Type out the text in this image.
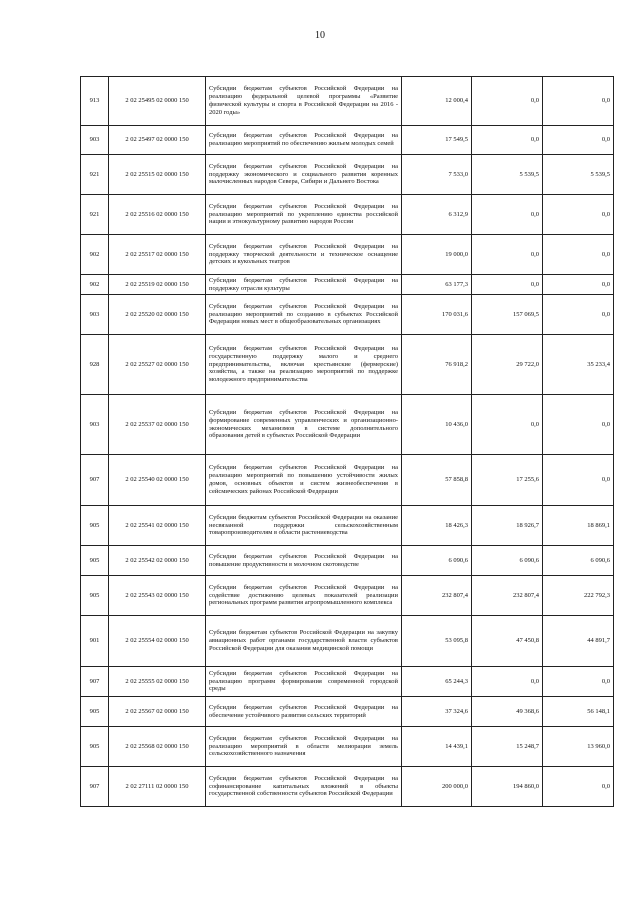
10
913	2 02 25495 02 0000 150	Субсидии бюджетам субъектов Российской Федерации на реализацию федеральной целевой программы «Развитие физической культуры и спорта в Российской Федерации на 2016 - 2020 годы»	12 000,4	0,0	0,0
903	2 02 25497 02 0000 150	Субсидии бюджетам субъектов Российской Федерации на реализацию мероприятий по обеспечению жильем молодых семей	17 549,5	0,0	0,0
921	2 02 25515 02 0000 150	Субсидии бюджетам субъектов Российской Федерации на поддержку экономического и социального развития коренных малочисленных народов Севера, Сибири и Дальнего Востока	7 533,0	5 539,5	5 539,5
921	2 02 25516 02 0000 150	Субсидии бюджетам субъектов Российской Федерации на реализацию мероприятий по укреплению единства российской нации и этнокультурному развитию народов России	6 312,9	0,0	0,0
902	2 02 25517 02 0000 150	Субсидии бюджетам субъектов Российской Федерации на поддержку творческой деятельности и техническое оснащение детских и кукольных театров	19 000,0	0,0	0,0
902	2 02 25519 02 0000 150	Субсидии бюджетам субъектов Российской Федерации на поддержку отрасли культуры	63 177,3	0,0	0,0
903	2 02 25520 02 0000 150	Субсидии бюджетам субъектов Российской Федерации на реализацию мероприятий по созданию в субъектах Российской Федерации новых мест в общеобразовательных организациях	170 031,6	157 069,5	0,0
928	2 02 25527 02 0000 150	Субсидии бюджетам субъектов Российской Федерации на государственную поддержку малого и среднего предпринимательства, включая крестьянские (фермерские) хозяйства, а также на реализацию мероприятий по поддержке молодежного предпринимательства	76 918,2	29 722,0	35 233,4
903	2 02 25537 02 0000 150	Субсидии бюджетам субъектов Российской Федерации на формирование современных управленческих и организационно-экономических механизмов в системе дополнительного образования детей в субъектах Российской Федерации	10 436,0	0,0	0,0
907	2 02 25540 02 0000 150	Субсидии бюджетам субъектов Российской Федерации на реализацию мероприятий по повышению устойчивости жилых домов, основных объектов и систем жизнеобеспечения в сейсмических районах Российской Федерации	57 858,8	17 255,6	0,0
905	2 02 25541 02 0000 150	Субсидии бюджетам субъектов Российской Федерации на оказание несвязанной поддержки сельскохозяйственным товаропроизводителям в области растениеводства	18 426,3	18 926,7	18 869,1
905	2 02 25542 02 0000 150	Субсидии бюджетам субъектов Российской Федерации на повышение продуктивности в молочном скотоводстве	6 090,6	6 090,6	6 090,6
905	2 02 25543 02 0000 150	Субсидии бюджетам субъектов Российской Федерации на содействие достижению целевых показателей реализации региональных программ развития агропромышленного комплекса	232 807,4	232 807,4	222 792,3
901	2 02 25554 02 0000 150	Субсидии бюджетам субъектов Российской Федерации на закупку авиационных работ органами государственной власти субъектов Российской Федерации для оказания медицинской помощи	53 095,8	47 450,8	44 891,7
907	2 02 25555 02 0000 150	Субсидии бюджетам субъектов Российской Федерации на реализацию программ формирования современной городской среды	65 244,3	0,0	0,0
905	2 02 25567 02 0000 150	Субсидии бюджетам субъектов Российской Федерации на обеспечение устойчивого развития сельских территорий	37 324,6	49 368,6	56 148,1
905	2 02 25568 02 0000 150	Субсидии бюджетам субъектов Российской Федерации на реализацию мероприятий в области мелиорации земель сельскохозяйственного назначения	14 439,1	15 248,7	13 960,0
907	2 02 27111 02 0000 150	Субсидии бюджетам субъектов Российской Федерации на софинансирование капитальных вложений в объекты государственной собственности субъектов Российской Федерации	200 000,0	194 860,0	0,0
